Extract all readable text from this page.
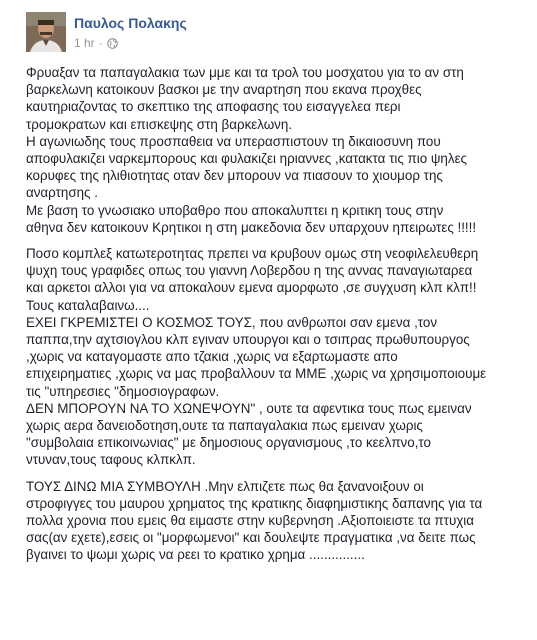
Παυλος Πολακης
1 hr ·
Φρυαξαν τα παπαγαλακια των μμε και τα τρολ του μοσχατου για το αν στη
βαρκελωνη κατοικουν βασκοι με την αναρτηση που εκανα προχθες
καυτηριαζοντας το σκεπτικο της αποφασης του εισαγγελεα περι
τρομοκρατων και επισκεψης στη βαρκελωνη.
Η αγωνιωδης τους προσπαθεια να υπερασπιστουν τη δικαιοσυνη που
αποφυλακιζει ναρκεμπορους και φυλακιζει ηριαννες ,κατακτα τις πιο ψηλες
κορυφες της ηλιθιοτητας οταν δεν μπορουν να πιασουν το χιουμορ της
αναρτησης .
Με βαση το γνωσιακο υποβαθρο που αποκαλυπτει η κριτικη τους στην
αθηνα δεν κατοικουν Κρητικοι η στη μακεδονια δεν υπαρχουν ηπειρωτες !!!!!
Ποσο κομπλεξ κατωτεροτητας πρεπει να κρυβουν ομως στη νεοφιλελευθερη
ψυχη τους γραφιδες οπως του γιαννη Λοβερδου η της αννας παναγιωταρεα
και αρκετοι αλλοι για να αποκαλουν εμενα αμορφωτο ,σε συγχυση κλπ κλπ!!
Τους καταλαβαινω....
ΕΧΕΙ ΓΚΡΕΜΙΣΤΕΙ Ο ΚΟΣΜΟΣ ΤΟΥΣ, που ανθρωποι σαν εμενα ,τον
παππα,την αχτσιογλου κλπ εγιναν υπουργοι και ο τσιπρας πρωθυπουργος
,χωρις να καταγομαστε απο τζακια ,χωρις να εξαρτωμαστε απο
επιχειρηματιες ,χωρις να μας προβαλλουν τα ΜΜΕ ,χωρις να χρησιμοποιουμε
τις "υπηρεσιες "δημοσιογραφων.
ΔΕΝ ΜΠΟΡΟΥΝ ΝΑ ΤΟ ΧΩΝΕΨΟΥΝ" , ουτε τα αφεντικα τους πως εμειναν
χωρις αερα δανειοδοτηση,ουτε τα παπαγαλακια πως εμειναν χωρις
"συμβολαια επικοινωνιας" με δημοσιους οργανισμους ,το κεελπνο,το
ντυναν,τους ταφους κλπκλπ.
ΤΟΥΣ ΔΙΝΩ ΜΙΑ ΣΥΜΒΟΥΛΗ .Μην ελπιζετε πως θα ξανανοιξουν οι
στροφιγγες του μαυρου χρηματος της κρατικης διαφημιστικης δαπανης για τα
πολλα χρονια που εμεις θα ειμαστε στην κυβερνηση .Αξιοποιειστε τα πτυχια
σας(αν εχετε),εσεις οι "μορφωμενοι" και δουλεψτε πραγματικα ,να δειτε πως
βγαινει το ψωμι χωρις να ρεει το κρατικο χρημα ...............
